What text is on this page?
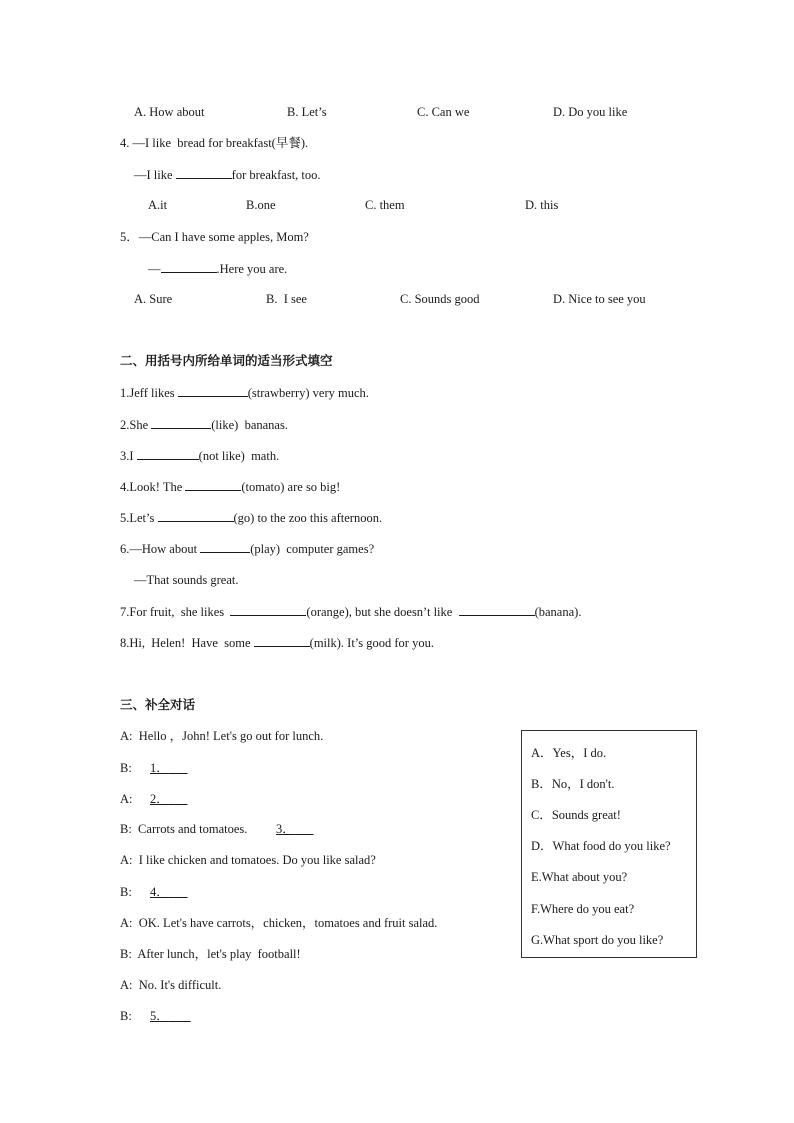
A. How about	B. Let’s	C. Can we	D. Do you like
4. —I like  bread for breakfast(早餐).
—I like	for breakfast, too.
A.it	B.one	C. them	D. this
5．—Can I have some apples, Mom?
—	.Here you are.
A. Sure	B.  I see	C. Sounds good	D. Nice to see you
二、用括号内所给单词的适当形式填空
1.Jeff likes	(strawberry) very much.
2.She	(like)  bananas.
3.I	(not like)  math.
4.Look! The	(tomato) are so big!
5.Let’s	(go) to the zoo this afternoon.
6.—How about	(play)  computer games?
—That sounds great.
7.For fruit,  she likes	(orange), but she doesn’t like	(banana).
8.Hi,  Helen!  Have  some	(milk). It’s good for you.
三、补全对话
A:  Hello ，John! Let's go out for lunch.
B: 1．
A: 2．
B:  Carrots and tomatoes. 3．
A:  I like chicken and tomatoes. Do you like salad?
B: 4．
A:  OK. Let's have carrots，chicken，tomatoes and fruit salad.
B:  After lunch，let's play  football!
A:  No. It's difficult.
B: 5．
A．Yes，I do.
B．No，I don't.
C．Sounds great!
D．What food do you like?
E.What about you?
F.Where do you eat?
G.What sport do you like?
